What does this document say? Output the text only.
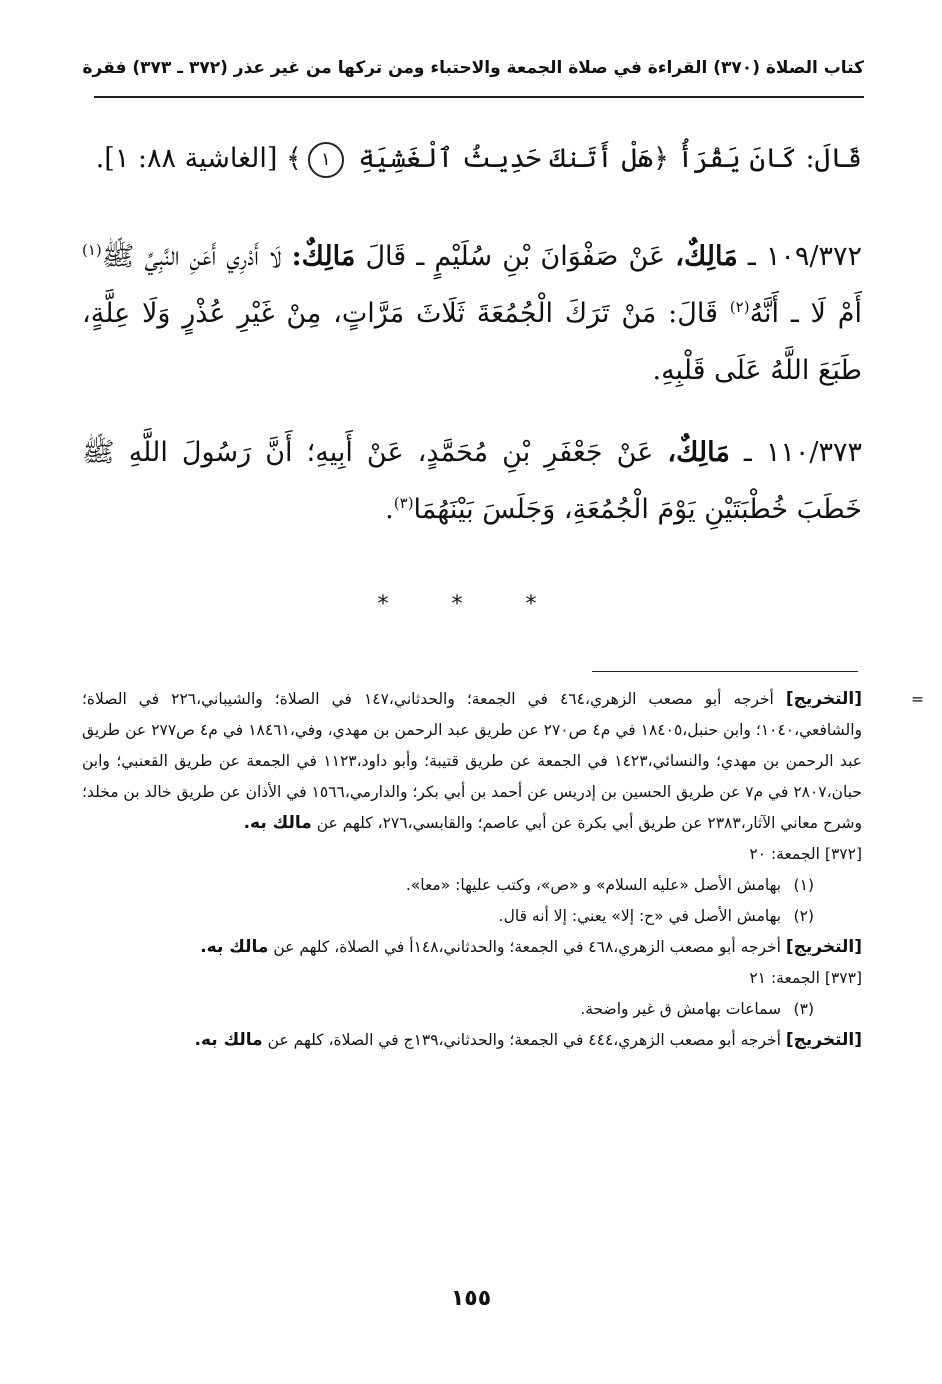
كتاب الصلاة (٣٧٠) القراءة في صلاة الجمعة والاحتباء ومن تركها من غير عذر (٣٧٢ ـ ٣٧٣) فقرة
قَالَ: كَانَ يَقْرَأُ ﴿هَلْ أَتَنكَ حَدِيثُ ٱلْغَشِيَةِ ١﴾ [الغاشية ٨٨: ١].
١٠٩/٣٧٢ ـ مَالِكٌ، عَنْ صَفْوَانَ بْنِ سُلَيْمٍ ـ قَالَ مَالِكٌ: لَا أَدْرِي أَعَنِ النَّبِيِّ ﷺ$^{(١)}$ أَمْ لَا ـ أَنَّهُ$^{(٢)}$ قَالَ: مَنْ تَرَكَ الْجُمُعَةَ ثَلَاثَ مَرَّاتٍ، مِنْ غَيْرِ عُذْرٍ وَلَا عِلَّةٍ، طَبَعَ اللَّهُ عَلَى قَلْبِهِ.
١١٠/٣٧٣ ـ مَالِكٌ، عَنْ جَعْفَرِ بْنِ مُحَمَّدٍ، عَنْ أَبِيهِ؛ أَنَّ رَسُولَ اللَّهِ ﷺ خَطَبَ خُطْبَتَيْنِ يَوْمَ الْجُمُعَةِ، وَجَلَسَ بَيْنَهُمَا$^{(٣)}$.
* * *

=
[التخريج] أخرجه أبو مصعب الزهري،٤٦٤ في الجمعة؛ والحدثاني،١٤٧ في الصلاة؛ والشيباني،٢٢٦ في الصلاة؛ والشافعي،١٠٤٠؛ وابن حنبل،١٨٤٠٥ في م٤ ص٢٧٠ عن طريق عبد الرحمن بن مهدي، وفي،١٨٤٦١ في م٤ ص٢٧٧ عن طريق عبد الرحمن بن مهدي؛ والنسائي،١٤٢٣ في الجمعة عن طريق قتيبة؛ وأبو داود،١١٢٣ في الجمعة عن طريق القعنبي؛ وابن حبان،٢٨٠٧ في م٧ عن طريق الحسين بن إدريس عن أحمد بن أبي بكر؛ والدارمي،١٥٦٦ في الأذان عن طريق خالد بن مخلد؛ وشرح معاني الآثار،٢٣٨٣ عن طريق أبي بكرة عن أبي عاصم؛ والقابسي،٢٧٦، كلهم عن مالك به.

[٣٧٢] الجمعة: ٢٠

(١) بهامش الأصل «عليه السلام» و «ص»، وكتب عليها: «معا».

(٢) بهامش الأصل في «ح: إلا» يعني: إلا أنه قال.

[التخريج] أخرجه أبو مصعب الزهري،٤٦٨ في الجمعة؛ والحدثاني،١٤٨أ في الصلاة، كلهم عن مالك به.

[٣٧٣] الجمعة: ٢١

(٣) سماعات بهامش ق غير واضحة.

[التخريج] أخرجه أبو مصعب الزهري،٤٤٤ في الجمعة؛ والحدثاني،١٣٩ج في الصلاة، كلهم عن مالك به.

١٥٥
